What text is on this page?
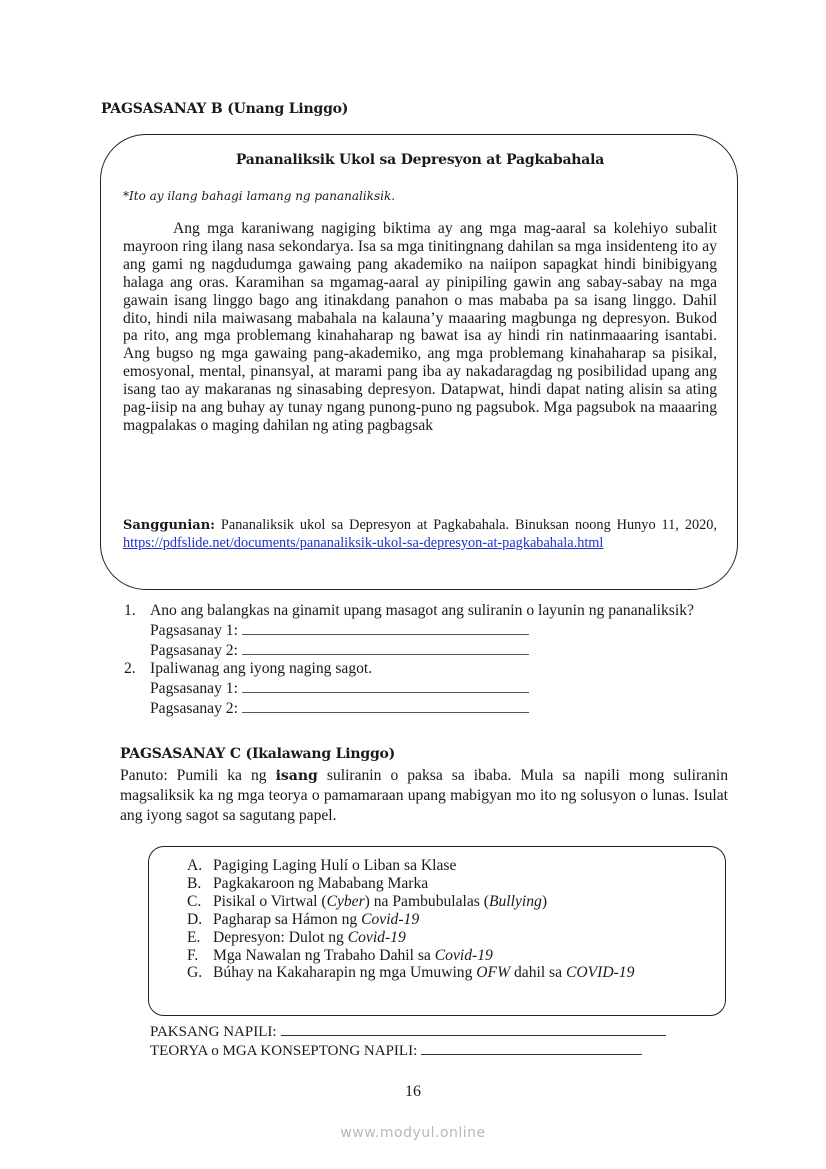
PAGSASANAY B (Unang Linggo)
Pananaliksik Ukol sa Depresyon at Pagkabahala
*Ito ay ilang bahagi lamang ng pananaliksik.

Ang mga karaniwang nagiging biktima ay ang mga mag-aaral sa kolehiyo subalit mayroon ring ilang nasa sekondarya. Isa sa mga tinitingnang dahilan sa mga insidenteng ito ay ang gami ng nagdudumga gawaing pang akademiko na naiipon sapagkat hindi binibigyang halaga ang oras. Karamihan sa mgamag-aaral ay pinipiling gawin ang sabay-sabay na mga gawain isang linggo bago ang itinakdang panahon o mas mababa pa sa isang linggo. Dahil dito, hindi nila maiwasang mabahala na kalauna’y maaaring magbunga ng depresyon. Bukod pa rito, ang mga problemang kinahaharap ng bawat isa ay hindi rin natinmaaaring isantabi. Ang bugso ng mga gawaing pang-akademiko, ang mga problemang kinahaharap sa pisikal, emosyonal, mental, pinansyal, at marami pang iba ay nakadaragdag ng posibilidad upang ang isang tao ay makaranas ng sinasabing depresyon. Datapwat, hindi dapat nating alisin sa ating pag-iisip na ang buhay ay tunay ngang punong-puno ng pagsubok. Mga pagsubok na maaaring magpalakas o maging dahilan ng ating pagbagsak

Sanggunian: Pananaliksik ukol sa Depresyon at Pagkabahala. Binuksan noong Hunyo 11, 2020, https://pdfslide.net/documents/pananaliksik-ukol-sa-depresyon-at-pagkabahala.html
1. Ano ang balangkas na ginamit upang masagot ang suliranin o layunin ng pananaliksik?
Pagsasanay 1:
Pagsasanay 2:
2. Ipaliwanag ang iyong naging sagot.
Pagsasanay 1:
Pagsasanay 2:
PAGSASANAY C (Ikalawang Linggo)
Panuto: Pumili ka ng isang suliranin o paksa sa ibaba. Mula sa napili mong suliranin magsaliksik ka ng mga teorya o pamamaraan upang mabigyan mo ito ng solusyon o lunas. Isulat ang iyong sagot sa sagutang papel.
A. Pagiging Laging Hulí o Liban sa Klase
B. Pagkakaroon ng Mababang Marka
C. Pisikal o Virtwal (Cyber) na Pambubulalas (Bullying)
D. Pagharap sa Hámon ng Covid-19
E. Depresyon: Dulot ng Covid-19
F. Mga Nawalan ng Trabaho Dahil sa Covid-19
G. Búhay na Kakaharapin ng mga Umuwing OFW dahil sa COVID-19
PAKSANG NAPILI:
TEORYA o MGA KONSEPTONG NAPILI:
16
www.modyul.online
